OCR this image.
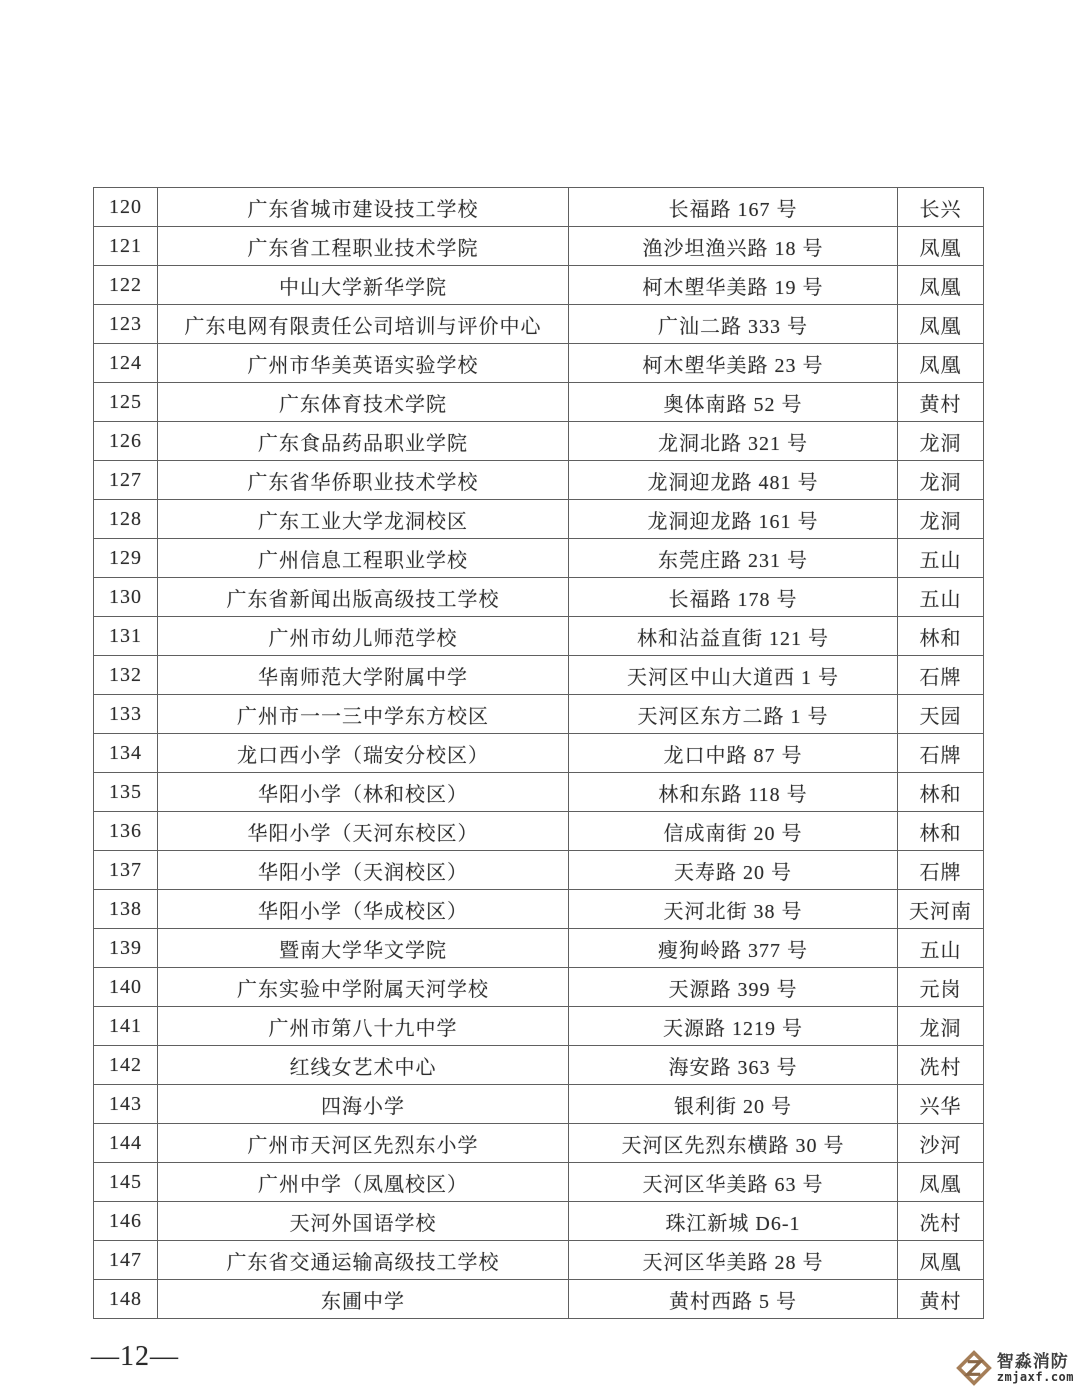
120	广东省城市建设技工学校	长福路 167 号	长兴
121	广东省工程职业技术学院	渔沙坦渔兴路 18 号	凤凰
122	中山大学新华学院	柯木塱华美路 19 号	凤凰
123	广东电网有限责任公司培训与评价中心	广汕二路 333 号	凤凰
124	广州市华美英语实验学校	柯木塱华美路 23 号	凤凰
125	广东体育技术学院	奥体南路 52 号	黄村
126	广东食品药品职业学院	龙洞北路 321 号	龙洞
127	广东省华侨职业技术学校	龙洞迎龙路 481 号	龙洞
128	广东工业大学龙洞校区	龙洞迎龙路 161 号	龙洞
129	广州信息工程职业学校	东莞庄路 231 号	五山
130	广东省新闻出版高级技工学校	长福路 178 号	五山
131	广州市幼儿师范学校	林和沾益直街 121 号	林和
132	华南师范大学附属中学	天河区中山大道西 1 号	石牌
133	广州市一一三中学东方校区	天河区东方二路 1 号	天园
134	龙口西小学（瑞安分校区）	龙口中路 87 号	石牌
135	华阳小学（林和校区）	林和东路 118 号	林和
136	华阳小学（天河东校区）	信成南街 20 号	林和
137	华阳小学（天润校区）	天寿路 20 号	石牌
138	华阳小学（华成校区）	天河北街 38 号	天河南
139	暨南大学华文学院	瘦狗岭路 377 号	五山
140	广东实验中学附属天河学校	天源路 399 号	元岗
141	广州市第八十九中学	天源路 1219 号	龙洞
142	红线女艺术中心	海安路 363 号	冼村
143	四海小学	银利街 20 号	兴华
144	广州市天河区先烈东小学	天河区先烈东横路 30 号	沙河
145	广州中学（凤凰校区）	天河区华美路 63 号	凤凰
146	天河外国语学校	珠江新城 D6-1	冼村
147	广东省交通运输高级技工学校	天河区华美路 28 号	凤凰
148	东圃中学	黄村西路 5 号	黄村
—12—	智淼消防
zmjaxf.com
